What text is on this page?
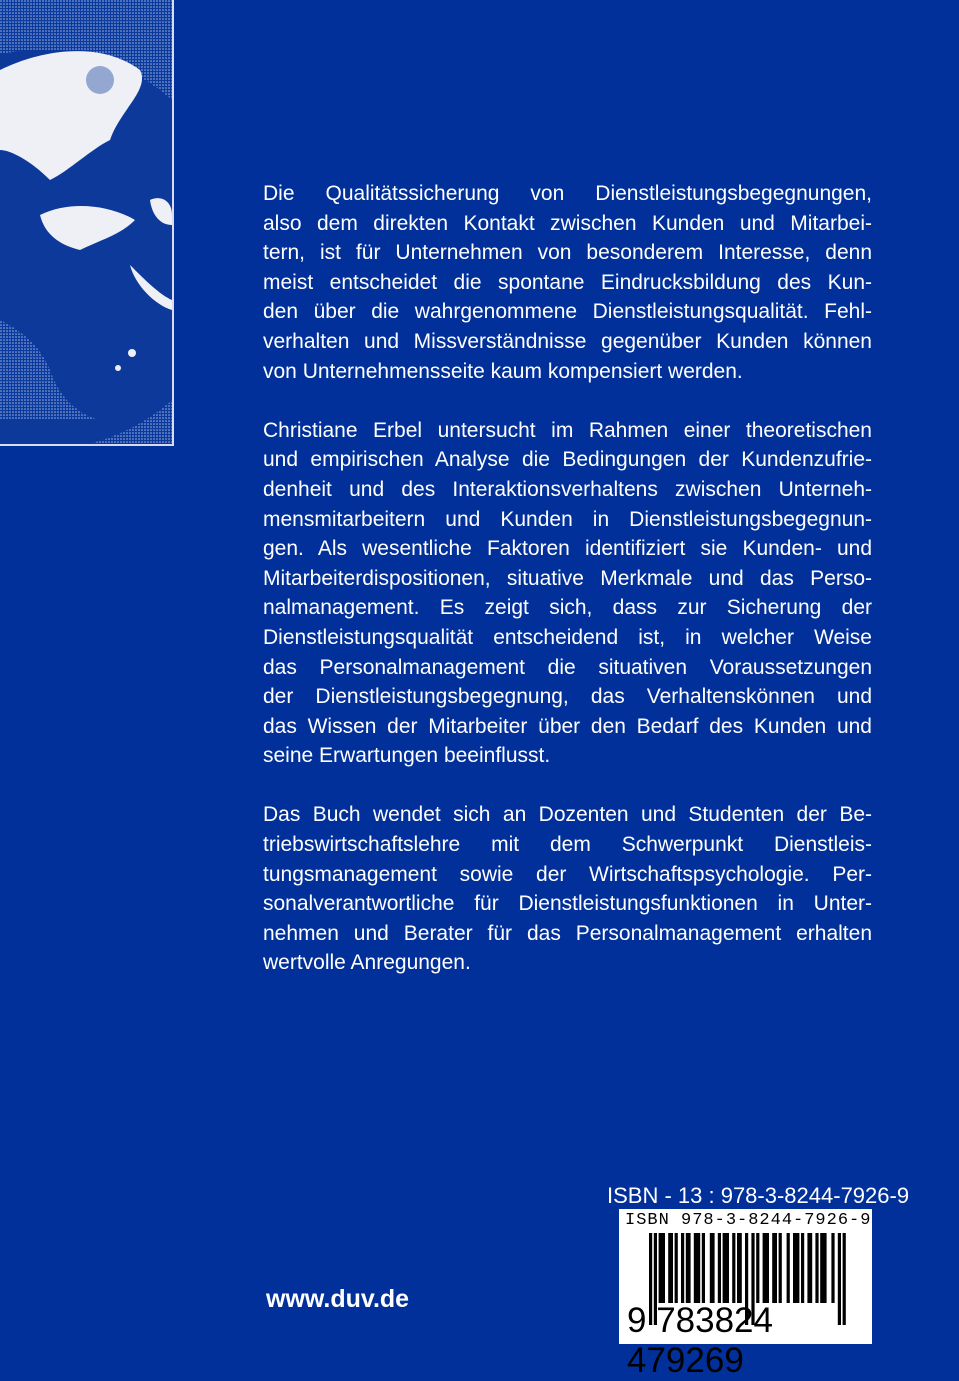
Die Qualitätssicherung von Dienstleistungsbegegnungen,
also dem direkten Kontakt zwischen Kunden und Mitarbei-
tern, ist für Unternehmen von besonderem Interesse, denn
meist entscheidet die spontane Eindrucksbildung des Kun-
den über die wahrgenommene Dienstleistungsqualität. Fehl-
verhalten und Missverständnisse gegenüber Kunden können
von Unternehmensseite kaum kompensiert werden.
Christiane Erbel untersucht im Rahmen einer theoretischen
und empirischen Analyse die Bedingungen der Kundenzufrie-
denheit und des Interaktionsverhaltens zwischen Unterneh-
mensmitarbeitern und Kunden in Dienstleistungsbegegnun-
gen. Als wesentliche Faktoren identifiziert sie Kunden- und
Mitarbeiterdispositionen, situative Merkmale und das Perso-
nalmanagement. Es zeigt sich, dass zur Sicherung der
Dienstleistungsqualität entscheidend ist, in welcher Weise
das Personalmanagement die situativen Voraussetzungen
der Dienstleistungsbegegnung, das Verhaltenskönnen und
das Wissen der Mitarbeiter über den Bedarf des Kunden und
seine Erwartungen beeinflusst.
Das Buch wendet sich an Dozenten und Studenten der Be-
triebswirtschaftslehre mit dem Schwerpunkt Dienstleis-
tungsmanagement sowie der Wirtschaftspsychologie. Per-
sonalverantwortliche für Dienstleistungsfunktionen in Unter-
nehmen und Berater für das Personalmanagement erhalten
wertvolle Anregungen.
ISBN - 13 : 978-3-8244-7926-9
ISBN 978-3-8244-7926-9
9 783824 479269
www.duv.de
